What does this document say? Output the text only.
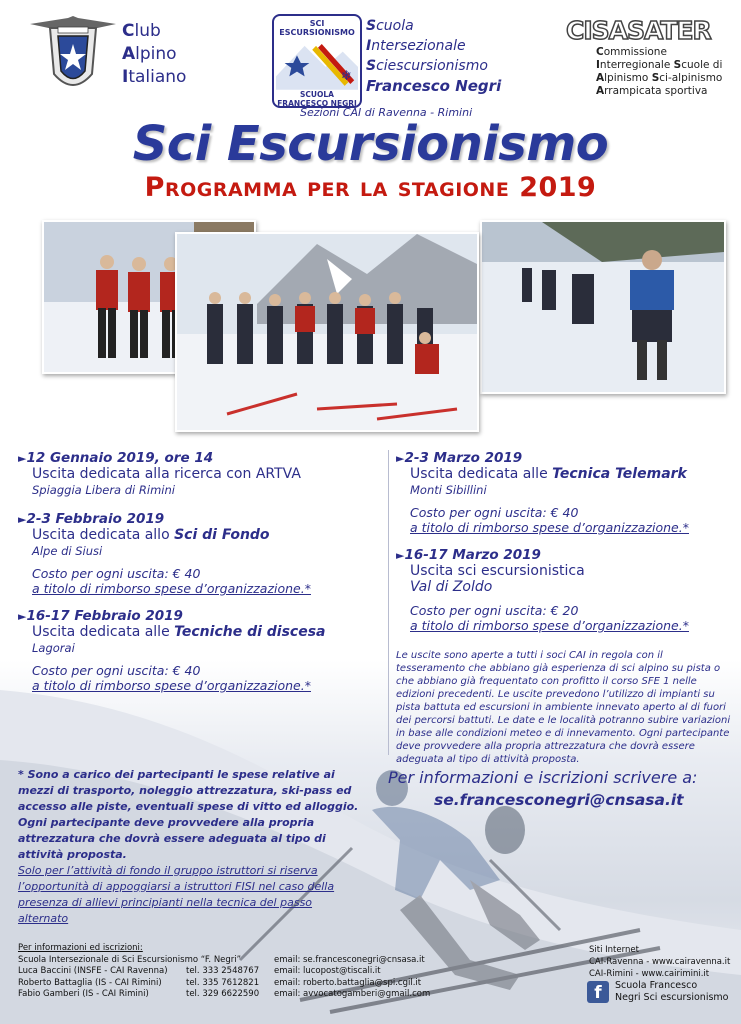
Club
Alpino
Italiano
SCI ESCURSIONISMO
❄
SCUOLA
FRANCESCO NEGRI
Scuola
Intersezionale
Sciescursionismo
Francesco Negri
Sezioni CAI di Ravenna - Rimini
CISASATER
Commissione
Interregionale Scuole di
Alpinismo Sci-alpinismo
Arrampicata sportiva
Sci Escursionismo
Programma per la stagione 2019
►12 Gennaio 2019, ore 14
Uscita dedicata alla ricerca con ARTVA
Spiaggia Libera di Rimini
►2-3 Febbraio 2019
Uscita dedicata allo Sci di Fondo
Alpe di Siusi
Costo per ogni uscita: € 40
a titolo di rimborso spese d’organizzazione.*
►16-17 Febbraio 2019
Uscita dedicata alle Tecniche di discesa
Lagorai
Costo per ogni uscita: € 40
a titolo di rimborso spese d’organizzazione.*
►2-3 Marzo 2019
Uscita dedicata alle Tecnica Telemark
Monti Sibillini
Costo per ogni uscita: € 40
a titolo di rimborso spese d’organizzazione.*
►16-17 Marzo 2019
Uscita sci escursionistica
Val di Zoldo
Costo per ogni uscita: € 20
a titolo di rimborso spese d’organizzazione.*
Le uscite sono aperte a tutti i soci CAI in regola con il tesseramento che abbiano già esperienza di sci alpino su pista o che abbiano già frequentato con profitto il corso SFE 1 nelle edizioni precedenti. Le uscite prevedono l’utilizzo di impianti su pista battuta ed escursioni in ambiente innevato aperto al di fuori dei percorsi battuti. Le date e le località potranno subire variazioni in base alle condizioni meteo e di innevamento. Ogni partecipante deve provvedere alla propria attrezzatura che dovrà essere adeguata al tipo di attività proposta.
* Sono a carico dei partecipanti le spese relative ai mezzi di trasporto, noleggio attrezzatura, ski-pass ed accesso alle piste, eventuali spese di vitto ed alloggio. Ogni partecipante deve provvedere alla propria attrezzatura che dovrà essere adeguata al tipo di attività proposta.
Solo per l’attività di fondo il gruppo istruttori si riserva l’opportunità di appoggiarsi a istruttori FISI nel caso della presenza di allievi principianti nella tecnica del passo alternato
Per informazioni e iscrizioni scrivere a:
se.francesconegri@cnsasa.it
Per informazioni ed iscrizioni:
Scuola Intersezionale di Sci Escursionismo “F. Negri”	email: se.francesconegri@cnsasa.it
Luca Baccini (INSFE - CAI Ravenna)	tel. 333 2548767	email: lucopost@tiscali.it
Roberto Battaglia (IS - CAI Rimini)	tel. 335 7612821	email: roberto.battaglia@spi.cgil.it
Fabio Gamberi (IS - CAI Rimini)	tel. 329 6622590	email: avvocatogamberi@gmail.com
Siti Internet
CAI-Ravenna - www.cairavenna.it
CAI-Rimini - www.cairimini.it
f	Scuola Francesco
Negri Sci escursionismo
